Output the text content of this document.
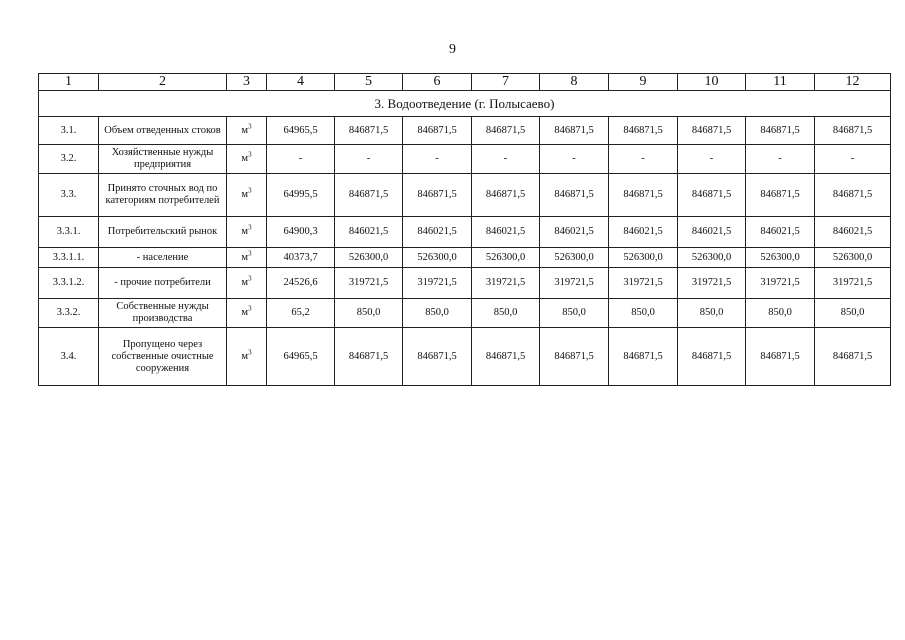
9
1	2	3	4	5	6	7	8	9	10	11	12
3. Водоотведение (г. Полысаево)											
3.1.	Объем отведенных стоков	$м^3$	64965,5	846871,5	846871,5	846871,5	846871,5	846871,5	846871,5	846871,5	846871,5
3.2.	Хозяйственные нужды предприятия	$м^3$	-	-	-	-	-	-	-	-	-
3.3.	Принято сточных вод по категориям потребителей	$м^3$	64995,5	846871,5	846871,5	846871,5	846871,5	846871,5	846871,5	846871,5	846871,5
3.3.1.	Потребительский рынок	$м^3$	64900,3	846021,5	846021,5	846021,5	846021,5	846021,5	846021,5	846021,5	846021,5
3.3.1.1.	- население	$м^3$	40373,7	526300,0	526300,0	526300,0	526300,0	526300,0	526300,0	526300,0	526300,0
3.3.1.2.	- прочие потребители	$м^3$	24526,6	319721,5	319721,5	319721,5	319721,5	319721,5	319721,5	319721,5	319721,5
3.3.2.	Собственные нужды производства	$м^3$	65,2	850,0	850,0	850,0	850,0	850,0	850,0	850,0	850,0
3.4.	Пропущено через собственные очистные сооружения	$м^3$	64965,5	846871,5	846871,5	846871,5	846871,5	846871,5	846871,5	846871,5	846871,5
